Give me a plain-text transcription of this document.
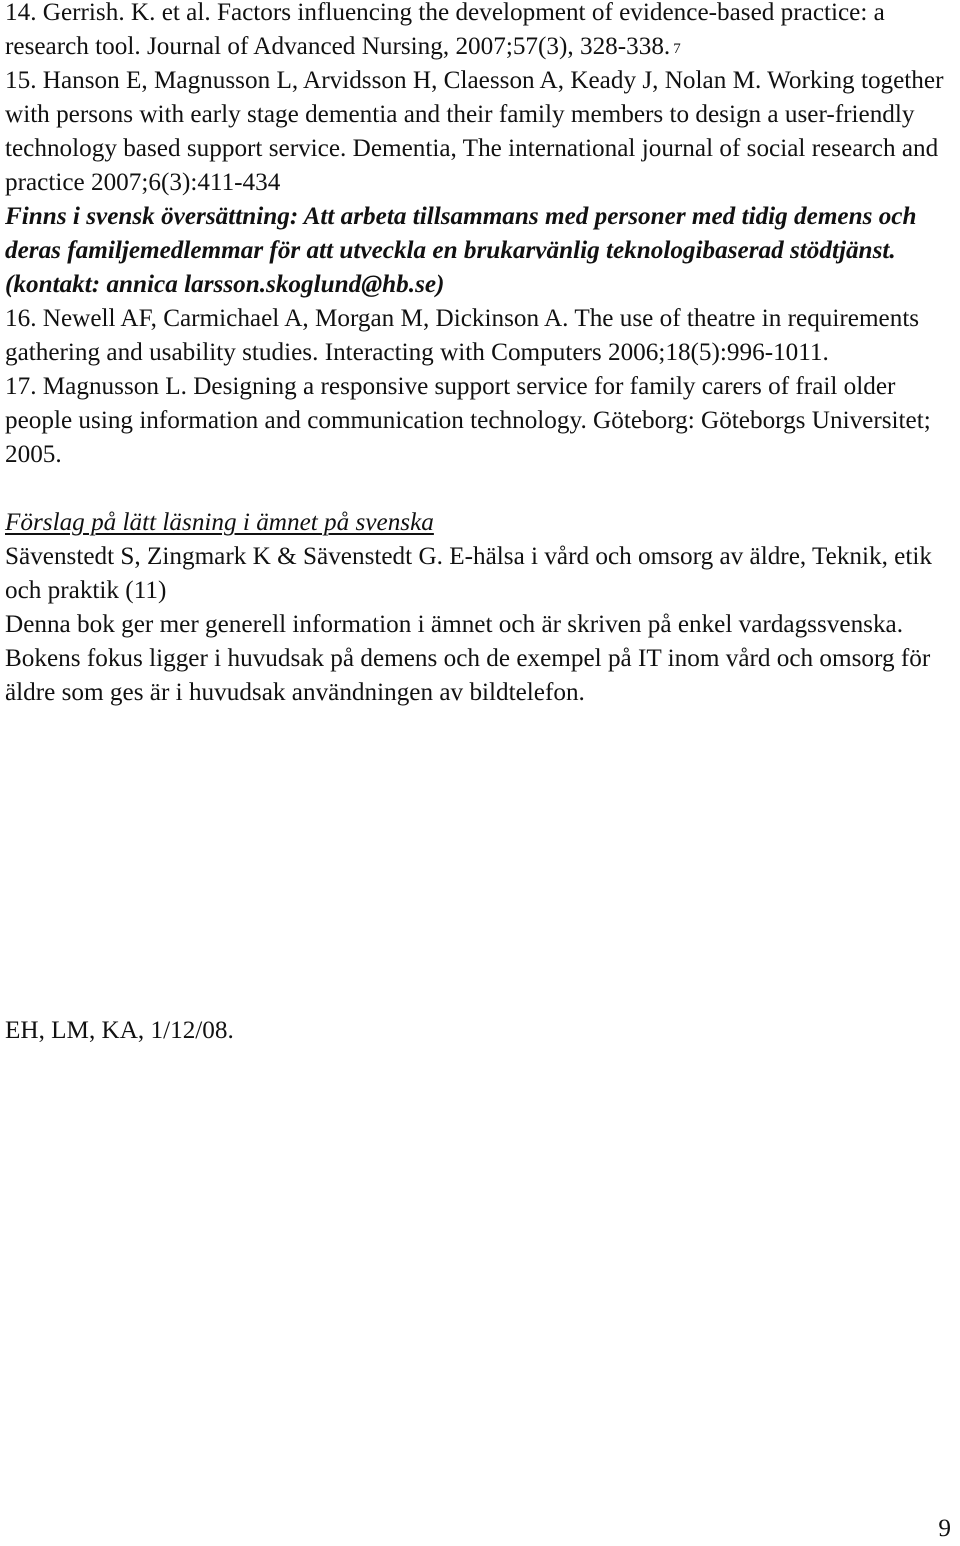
14. Gerrish. K. et al. Factors influencing the development of evidence-based practice: a research tool. Journal of Advanced Nursing, 2007;57(3), 328-338. 7

15. Hanson E, Magnusson L, Arvidsson H, Claesson A, Keady J, Nolan M. Working together with persons with early stage dementia and their family members to design a user-friendly technology based support service. Dementia, The international journal of social research and practice 2007;6(3):411-434
Finns i svensk översättning: Att arbeta tillsammans med personer med tidig demens och deras familjemedlemmar för att utveckla en brukarvänlig teknologibaserad stödtjänst. (kontakt: annica larsson.skoglund@hb.se)

16. Newell AF, Carmichael A, Morgan M, Dickinson A. The use of theatre in requirements gathering and usability studies. Interacting with Computers 2006;18(5):996-1011.

17. Magnusson L. Designing a responsive support service for family carers of frail older people using information and communication technology. Göteborg: Göteborgs Universitet; 2005.

Förslag på lätt läsning i ämnet på svenska

Sävenstedt S, Zingmark K & Sävenstedt G. E-hälsa i vård och omsorg av äldre, Teknik, etik och praktik (11)

Denna bok ger mer generell information i ämnet och är skriven på enkel vardagssvenska. Bokens fokus ligger i huvudsak på demens och de exempel på IT inom vård och omsorg för äldre som ges är i huvudsak användningen av bildtelefon.

EH, LM, KA, 1/12/08.

9
